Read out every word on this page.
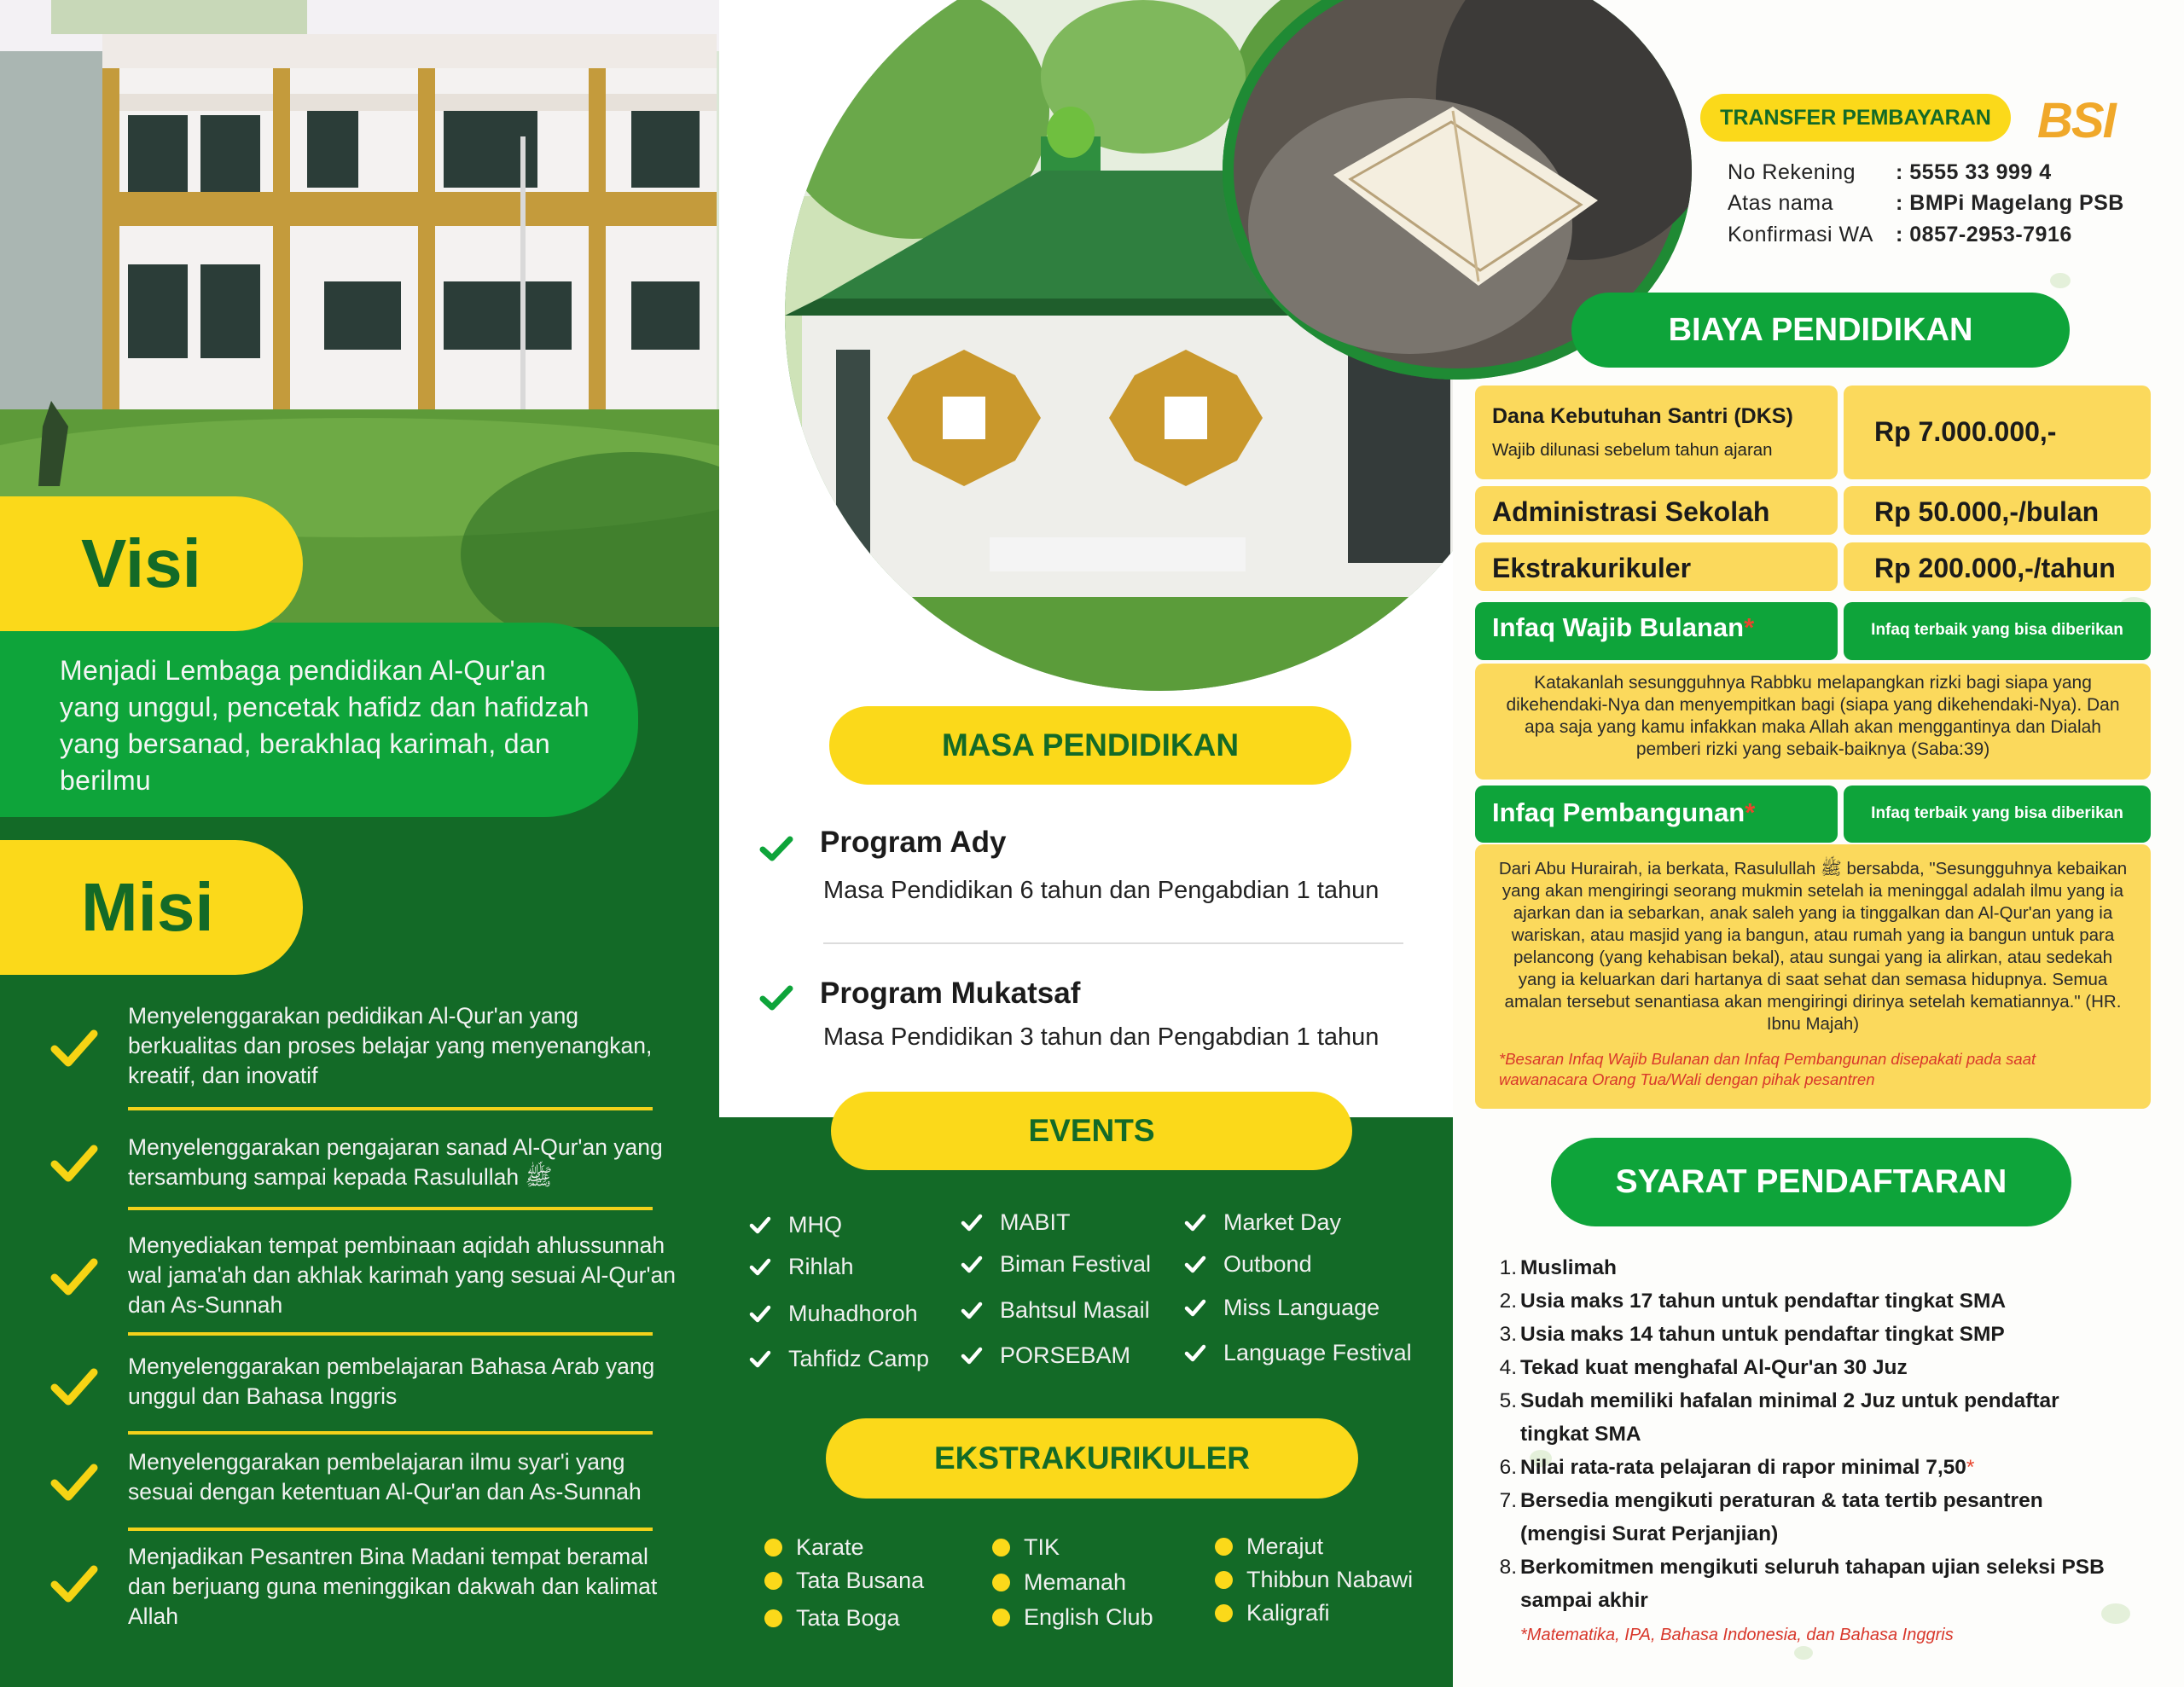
Visi
Menjadi Lembaga pendidikan Al-Qur'an yang unggul, pencetak hafidz dan hafidzah yang bersanad, berakhlaq karimah, dan berilmu
Misi
Menyelenggarakan pedidikan Al-Qur'an yang berkualitas dan proses belajar yang menyenangkan, kreatif, dan inovatif
Menyelenggarakan pengajaran sanad Al-Qur'an yang tersambung sampai kepada Rasulullah ﷺ
Menyediakan tempat pembinaan aqidah ahlussunnah wal jama'ah dan akhlak karimah yang sesuai Al-Qur'an dan As-Sunnah
Menyelenggarakan pembelajaran Bahasa Arab yang unggul dan Bahasa Inggris
Menyelenggarakan pembelajaran ilmu syar'i yang sesuai dengan ketentuan Al-Qur'an dan As-Sunnah
Menjadikan Pesantren Bina Madani tempat beramal dan berjuang guna meninggikan dakwah dan kalimat Allah
MASA PENDIDIKAN
Program Ady
Masa Pendidikan 6 tahun dan Pengabdian 1 tahun
Program Mukatsaf
Masa Pendidikan 3 tahun dan Pengabdian 1 tahun
EVENTS
MHQ
Rihlah
Muhadhoroh
Tahfidz Camp
MABIT
Biman Festival
Bahtsul Masail
PORSEBAM
Market Day
Outbond
Miss Language
Language Festival
EKSTRAKURIKULER
Karate
Tata Busana
Tata Boga
TIK
Memanah
English Club
Merajut
Thibbun Nabawi
Kaligrafi
TRANSFER PEMBAYARAN BSI
No Rekening : 5555 33 999 4
Atas nama	: BMPi Magelang PSB
Konfirmasi WA : 0857-2953-7916
BIAYA PENDIDIKAN
Dana Kebutuhan Santri (DKS)
Wajib dilunasi sebelum tahun ajaran
Rp 7.000.000,-
Administrasi Sekolah	Rp 50.000,-/bulan
Ekstrakurikuler	Rp 200.000,-/tahun
Infaq Wajib Bulanan*	Infaq terbaik yang bisa diberikan
Katakanlah sesungguhnya Rabbku melapangkan rizki bagi siapa yang dikehendaki-Nya dan menyempitkan bagi (siapa yang dikehendaki-Nya). Dan apa saja yang kamu infakkan maka Allah akan menggantinya dan Dialah pemberi rizki yang sebaik-baiknya (Saba:39)
Infaq Pembangunan*	Infaq terbaik yang bisa diberikan
Dari Abu Hurairah, ia berkata, Rasulullah ﷺ bersabda, "Sesungguhnya kebaikan yang akan mengiringi seorang mukmin setelah ia meninggal adalah ilmu yang ia ajarkan dan ia sebarkan, anak saleh yang ia tinggalkan dan Al-Qur'an yang ia wariskan, atau masjid yang ia bangun, atau rumah yang ia bangun untuk para pelancong (yang kehabisan bekal), atau sungai yang ia alirkan, atau sedekah yang ia keluarkan dari hartanya di saat sehat dan semasa hidupnya. Semua amalan tersebut senantiasa akan mengiringi dirinya setelah kematiannya." (HR. Ibnu Majah)
*Besaran Infaq Wajib Bulanan dan Infaq Pembangunan disepakati pada saat wawanacara Orang Tua/Wali dengan pihak pesantren
SYARAT PENDAFTARAN
1. Muslimah
2. Usia maks 17 tahun untuk pendaftar tingkat SMA
3. Usia maks 14 tahun untuk pendaftar tingkat SMP
4. Tekad kuat menghafal Al-Qur'an 30 Juz
5. Sudah memiliki hafalan minimal 2 Juz untuk pendaftar tingkat SMA
6. Nilai rata-rata pelajaran di rapor minimal 7,50*
7. Bersedia mengikuti peraturan & tata tertib pesantren (mengisi Surat Perjanjian)
8. Berkomitmen mengikuti seluruh tahapan ujian seleksi PSB sampai akhir
*Matematika, IPA, Bahasa Indonesia, dan Bahasa Inggris
